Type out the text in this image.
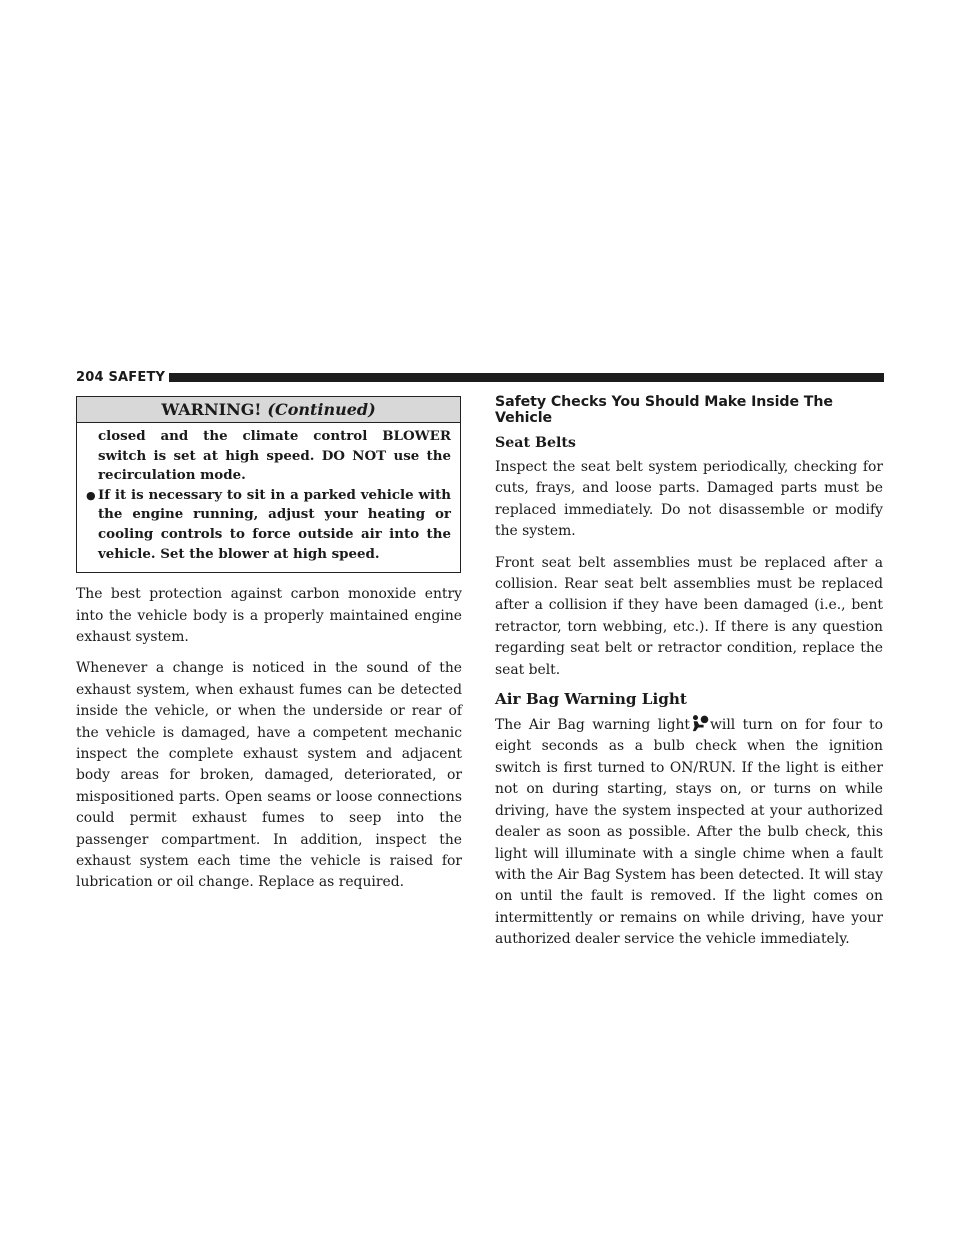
204 SAFETY
WARNING! (Continued)

closed and the climate control BLOWER switch is set at high speed. DO NOT use the recirculation mode.

● If it is necessary to sit in a parked vehicle with the engine running, adjust your heating or cooling controls to force outside air into the vehicle. Set the blower at high speed.

The best protection against carbon monoxide entry into the vehicle body is a properly maintained engine exhaust system.

Whenever a change is noticed in the sound of the exhaust system, when exhaust fumes can be detected inside the vehicle, or when the underside or rear of the vehicle is damaged, have a competent mechanic inspect the complete exhaust system and adjacent body areas for broken, damaged, deteriorated, or mispositioned parts. Open seams or loose connections could permit exhaust fumes to seep into the passenger compartment. In addition, inspect the exhaust system each time the vehicle is raised for lubrication or oil change. Replace as required.

Safety Checks You Should Make Inside The Vehicle
Seat Belts

Inspect the seat belt system periodically, checking for cuts, frays, and loose parts. Damaged parts must be replaced immediately. Do not disassemble or modify the system.

Front seat belt assemblies must be replaced after a collision. Rear seat belt assemblies must be replaced after a collision if they have been damaged (i.e., bent retractor, torn webbing, etc.). If there is any question regarding seat belt or retractor condition, replace the seat belt.

Air Bag Warning Light

The Air Bag warning light will turn on for four to eight seconds as a bulb check when the ignition switch is first turned to ON/RUN. If the light is either not on during starting, stays on, or turns on while driving, have the system inspected at your authorized dealer as soon as possible. After the bulb check, this light will illuminate with a single chime when a fault with the Air Bag System has been detected. It will stay on until the fault is removed. If the light comes on intermittently or remains on while driving, have your authorized dealer service the vehicle immediately.
